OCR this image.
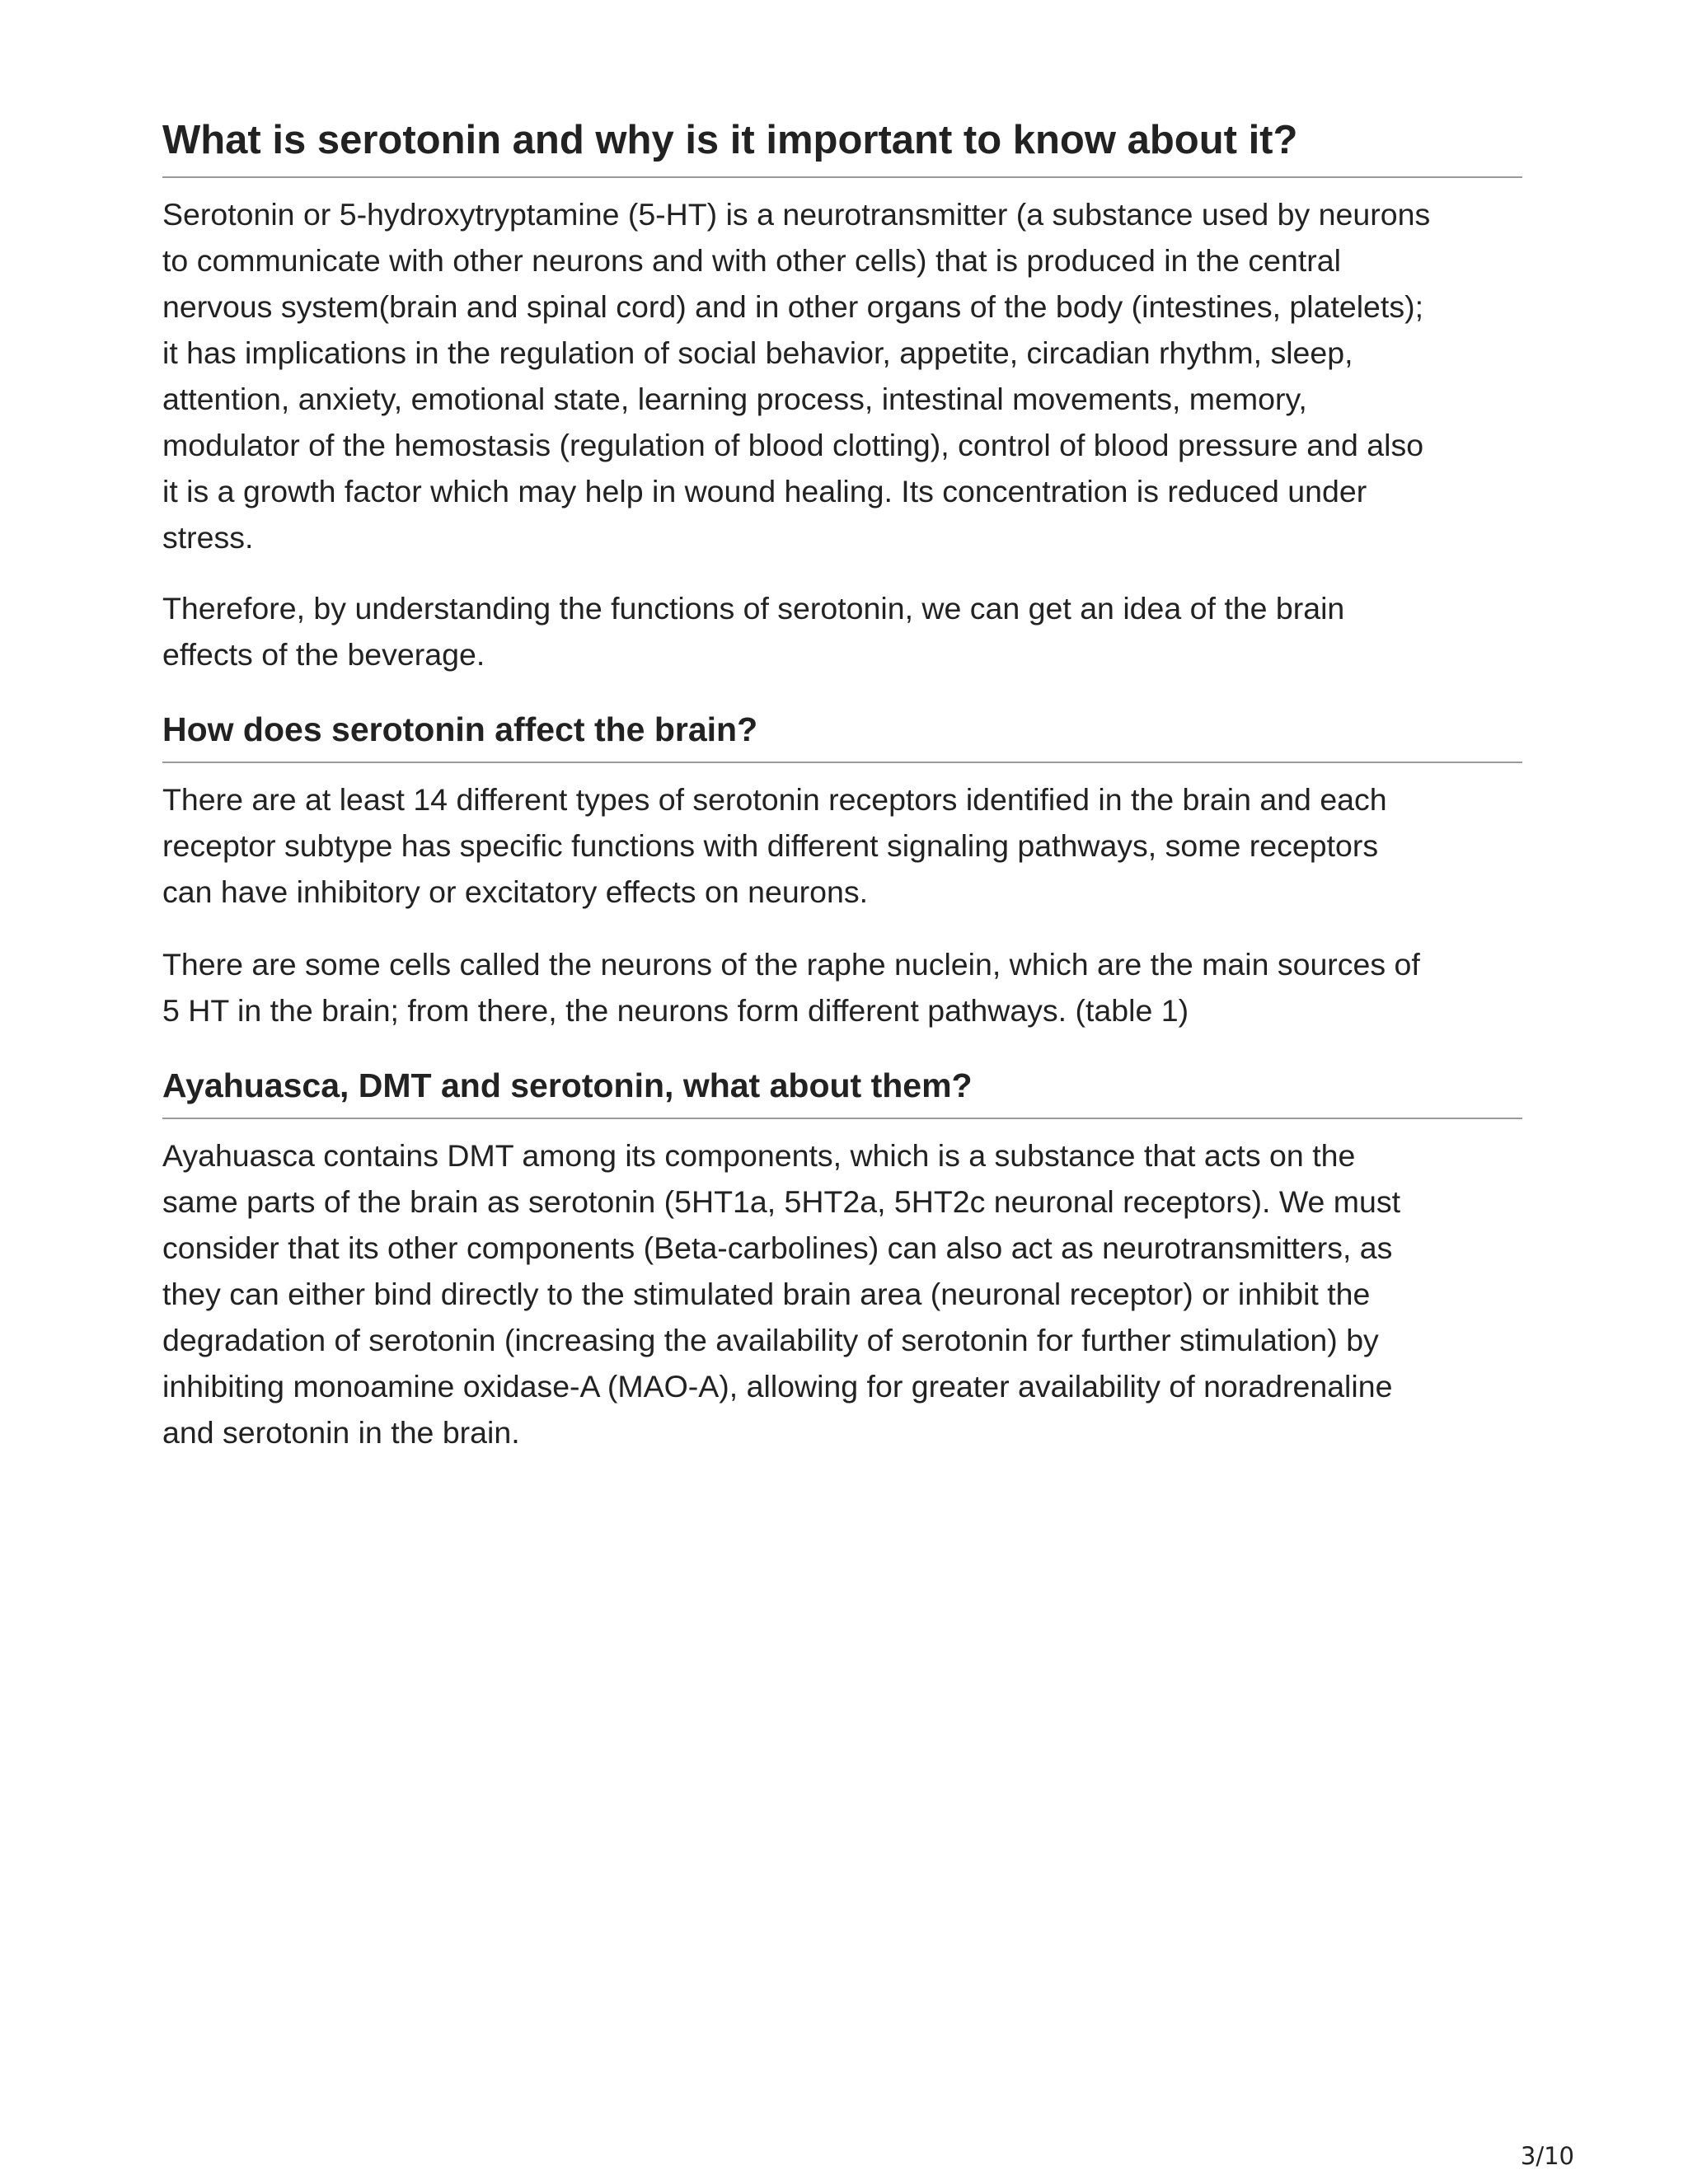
What is serotonin and why is it important to know about it?

Serotonin or 5-hydroxytryptamine (5-HT) is a neurotransmitter (a substance used by neurons
to communicate with other neurons and with other cells) that is produced in the central
nervous system(brain and spinal cord) and in other organs of the body (intestines, platelets);
it has implications in the regulation of social behavior, appetite, circadian rhythm, sleep,
attention, anxiety, emotional state, learning process, intestinal movements, memory,
modulator of the hemostasis (regulation of blood clotting), control of blood pressure and also
it is a growth factor which may help in wound healing. Its concentration is reduced under
stress.

Therefore, by understanding the functions of serotonin, we can get an idea of the brain
effects of the beverage.

How does serotonin affect the brain?

There are at least 14 different types of serotonin receptors identified in the brain and each
receptor subtype has specific functions with different signaling pathways, some receptors
can have inhibitory or excitatory effects on neurons.

There are some cells called the neurons of the raphe nuclein, which are the main sources of
5 HT in the brain; from there, the neurons form different pathways. (table 1)

Ayahuasca, DMT and serotonin, what about them?

Ayahuasca contains DMT among its components, which is a substance that acts on the
same parts of the brain as serotonin (5HT1a, 5HT2a, 5HT2c neuronal receptors). We must
consider that its other components (Beta-carbolines) can also act as neurotransmitters, as
they can either bind directly to the stimulated brain area (neuronal receptor) or inhibit the
degradation of serotonin (increasing the availability of serotonin for further stimulation) by
inhibiting monoamine oxidase-A (MAO-A), allowing for greater availability of noradrenaline
and serotonin in the brain.

3/10
